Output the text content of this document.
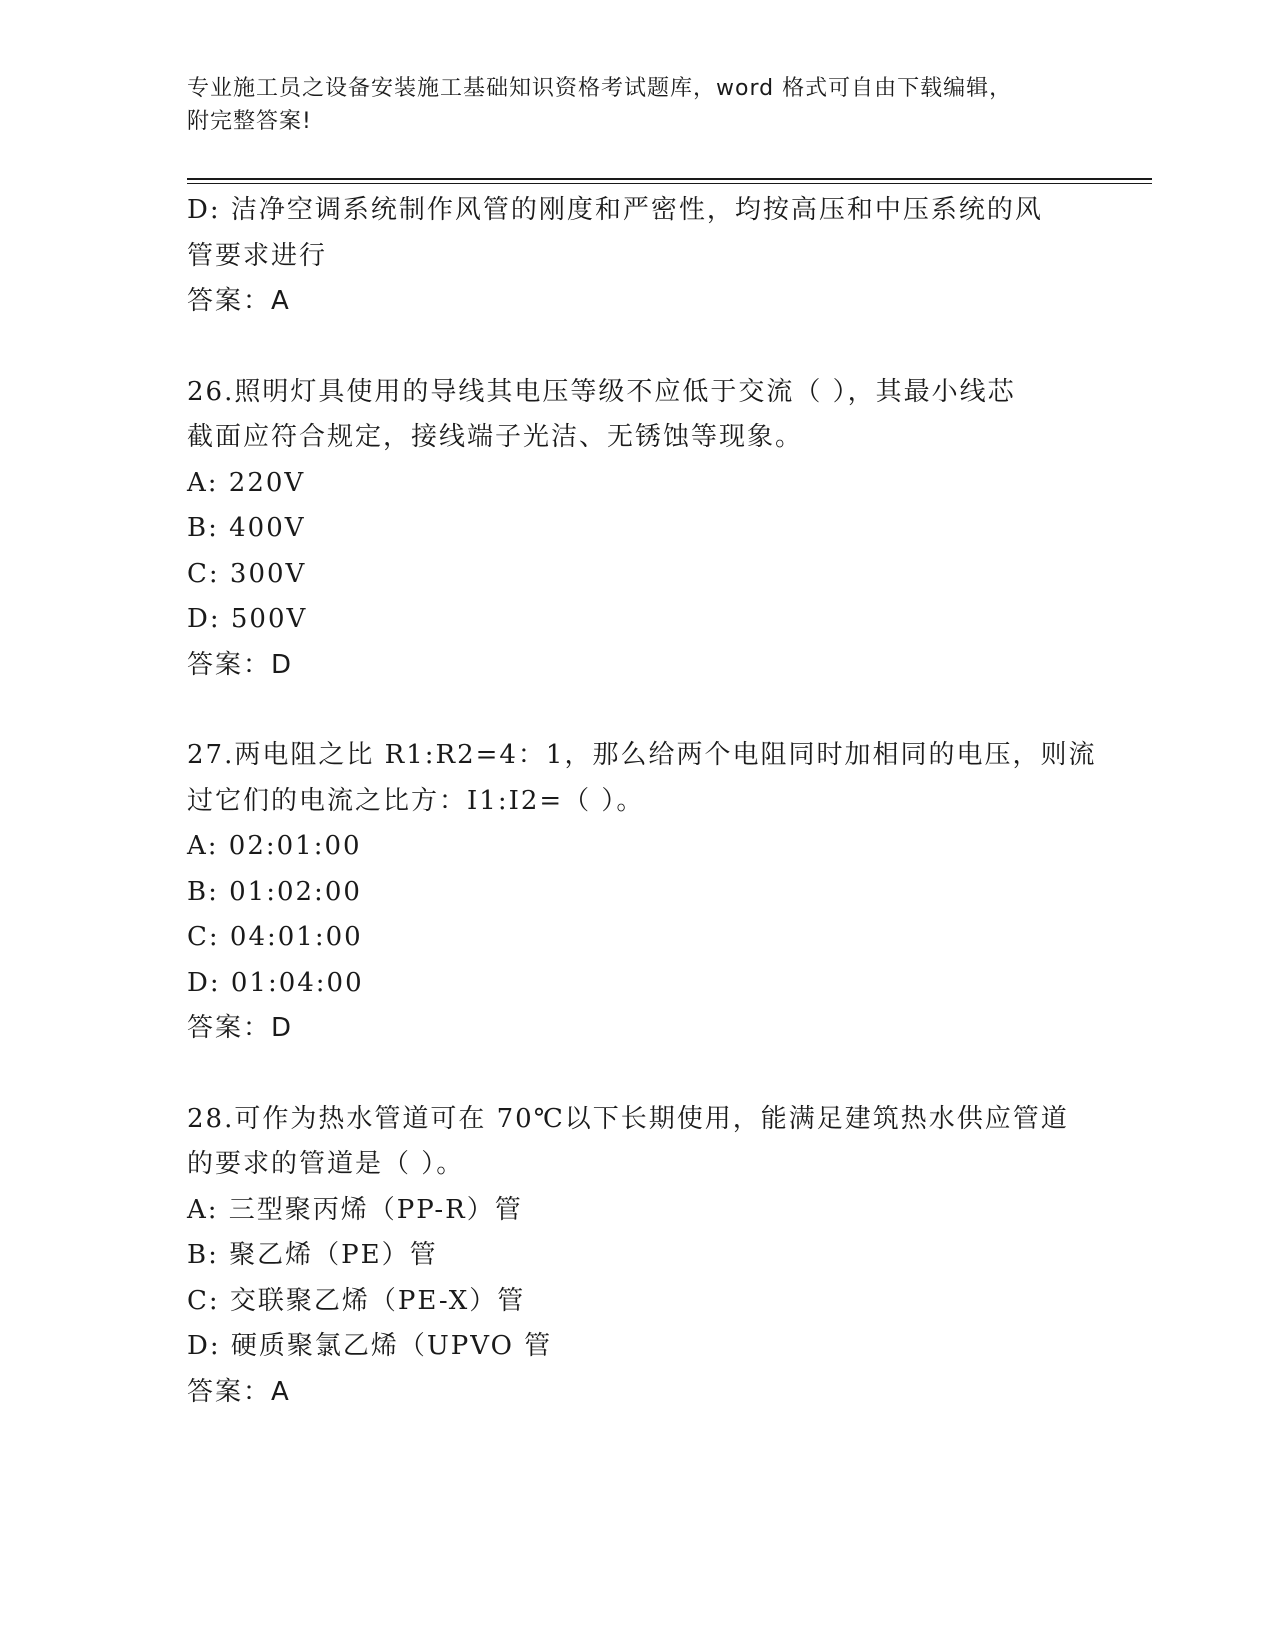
专业施工员之设备安装施工基础知识资格考试题库，word 格式可自由下载编辑，
附完整答案!
D: 洁净空调系统制作风管的刚度和严密性，均按高压和中压系统的风
管要求进行
答案：A
26.照明灯具使用的导线其电压等级不应低于交流（ ），其最小线芯
截面应符合规定，接线端子光洁、无锈蚀等现象。
A: 220V
B: 400V
C: 300V
D: 500V
答案：D
27.两电阻之比 R1:R2=4：1，那么给两个电阻同时加相同的电压，则流
过它们的电流之比方：I1:I2=（ ）。
A: 02:01:00
B: 01:02:00
C: 04:01:00
D: 01:04:00
答案：D
28.可作为热水管道可在 70℃以下长期使用，能满足建筑热水供应管道
的要求的管道是（ ）。
A: 三型聚丙烯（PP-R）管
B: 聚乙烯（PE）管
C: 交联聚乙烯（PE-X）管
D: 硬质聚氯乙烯（UPVO 管
答案：A
